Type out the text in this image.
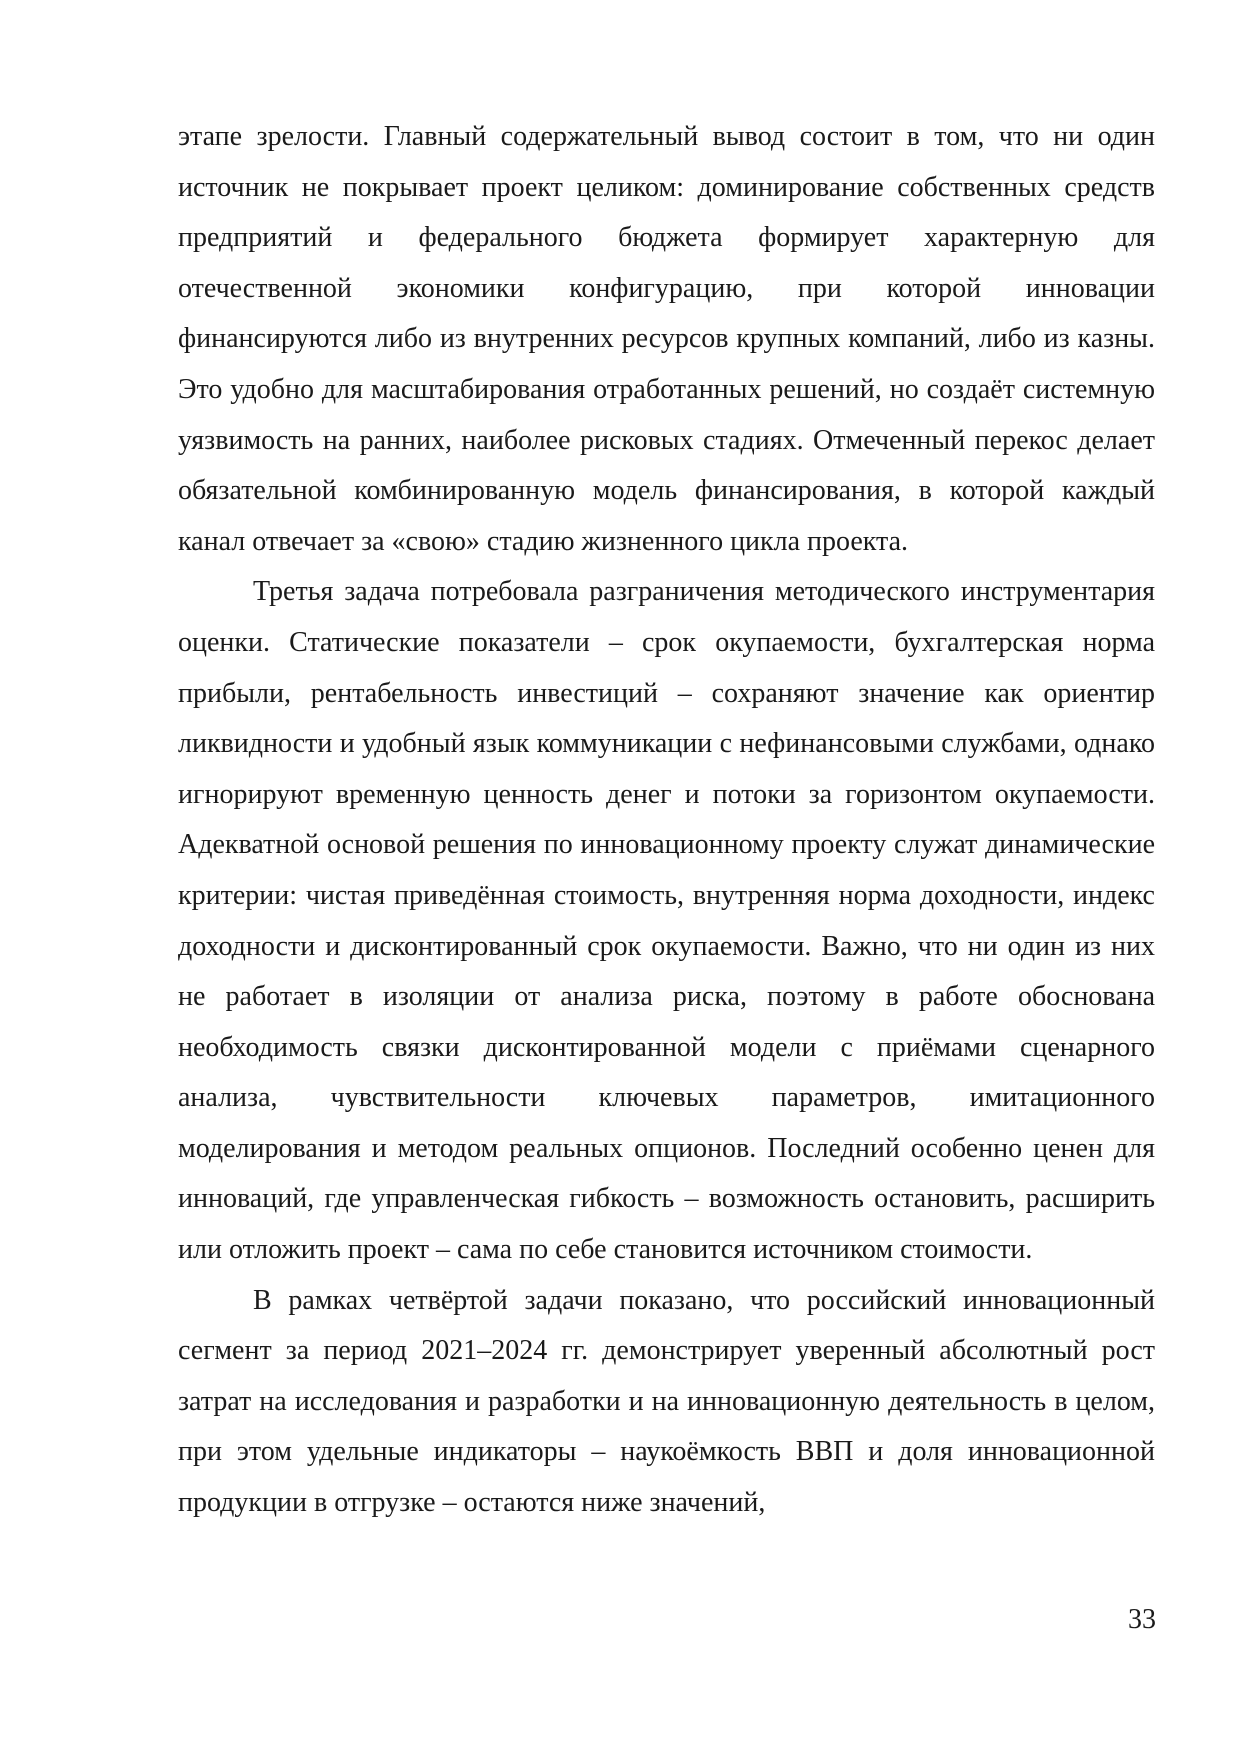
этапе зрелости. Главный содержательный вывод состоит в том, что ни один источник не покрывает проект целиком: доминирование собственных средств предприятий и федерального бюджета формирует характерную для отечественной экономики конфигурацию, при которой инновации финансируются либо из внутренних ресурсов крупных компаний, либо из казны. Это удобно для масштабирования отработанных решений, но создаёт системную уязвимость на ранних, наиболее рисковых стадиях. Отмеченный перекос делает обязательной комбинированную модель финансирования, в которой каждый канал отвечает за «свою» стадию жизненного цикла проекта.

Третья задача потребовала разграничения методического инструментария оценки. Статические показатели – срок окупаемости, бухгалтерская норма прибыли, рентабельность инвестиций – сохраняют значение как ориентир ликвидности и удобный язык коммуникации с нефинансовыми службами, однако игнорируют временную ценность денег и потоки за горизонтом окупаемости. Адекватной основой решения по инновационному проекту служат динамические критерии: чистая приведённая стоимость, внутренняя норма доходности, индекс доходности и дисконтированный срок окупаемости. Важно, что ни один из них не работает в изоляции от анализа риска, поэтому в работе обоснована необходимость связки дисконтированной модели с приёмами сценарного анализа, чувствительности ключевых параметров, имитационного моделирования и методом реальных опционов. Последний особенно ценен для инноваций, где управленческая гибкость – возможность остановить, расширить или отложить проект – сама по себе становится источником стоимости.

В рамках четвёртой задачи показано, что российский инновационный сегмент за период 2021–2024 гг. демонстрирует уверенный абсолютный рост затрат на исследования и разработки и на инновационную деятельность в целом, при этом удельные индикаторы – наукоёмкость ВВП и доля инновационной продукции в отгрузке – остаются ниже значений,

33
